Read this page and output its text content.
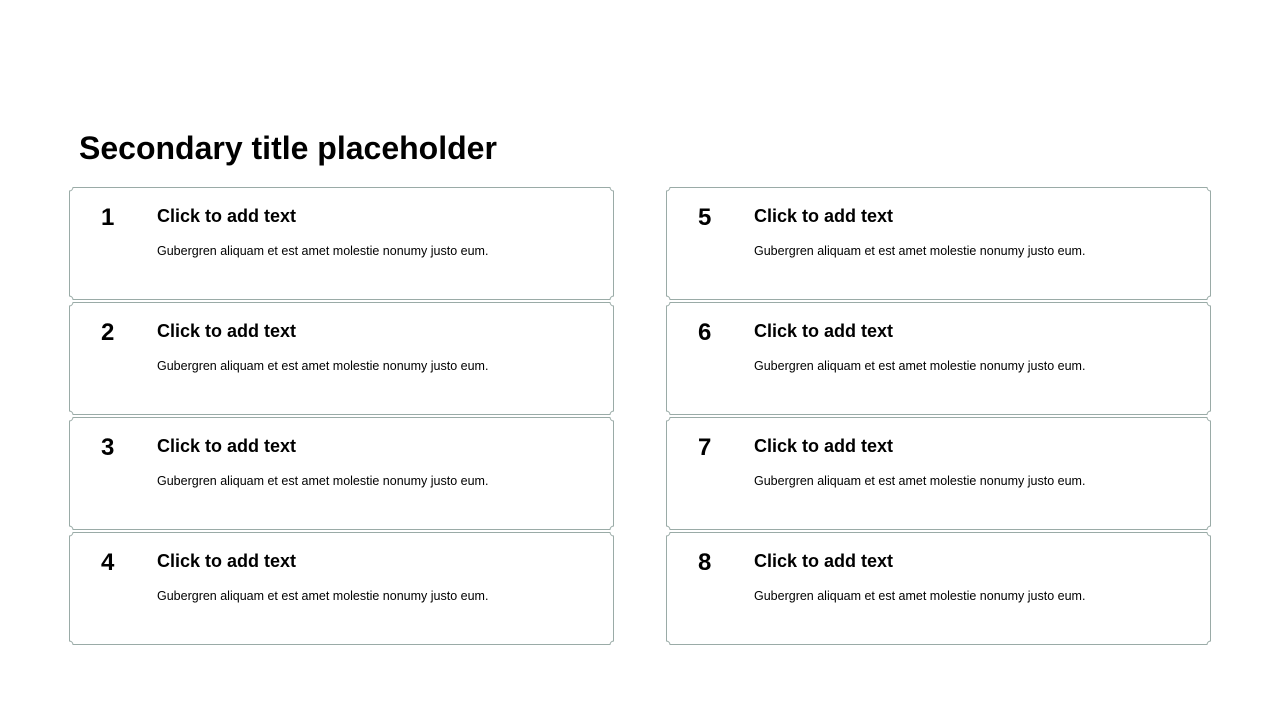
Secondary title placeholder
1 Click to add text
Gubergren aliquam et est amet molestie nonumy justo eum.
2 Click to add text
Gubergren aliquam et est amet molestie nonumy justo eum.
3 Click to add text
Gubergren aliquam et est amet molestie nonumy justo eum.
4 Click to add text
Gubergren aliquam et est amet molestie nonumy justo eum.
5 Click to add text
Gubergren aliquam et est amet molestie nonumy justo eum.
6 Click to add text
Gubergren aliquam et est amet molestie nonumy justo eum.
7 Click to add text
Gubergren aliquam et est amet molestie nonumy justo eum.
8 Click to add text
Gubergren aliquam et est amet molestie nonumy justo eum.
